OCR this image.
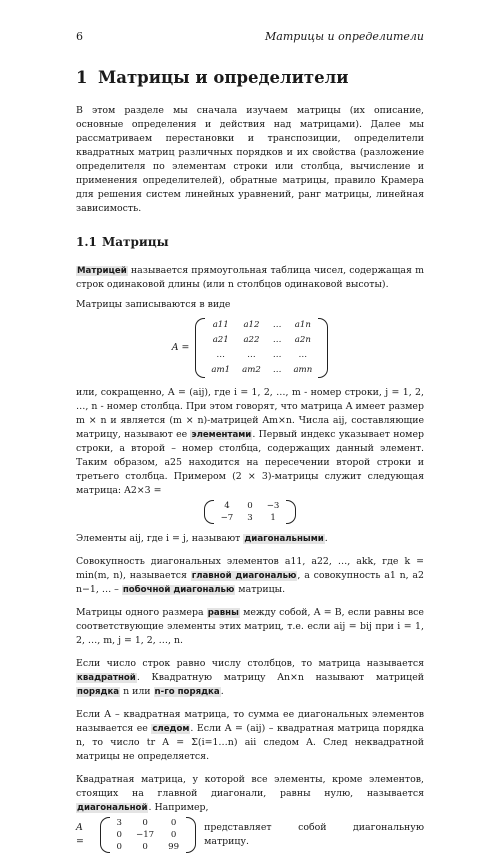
6	Матрицы и определители
1 Матрицы и определители

В этом разделе мы сначала изучаем матрицы (их описание, основные определения и действия над матрицами). Далее мы рассматриваем перестановки и транспозиции, определители квадратных матриц различных порядков и их свойства (разложение определителя по элементам строки или столбца, вычисление и применения определителей), обратные матрицы, правило Крамера для решения систем линейных уравнений, ранг матрицы, линейная зависимость.

1.1 Матрицы

Матрицей называется прямоугольная таблица чисел, содержащая m строк одинаковой длины (или n столбцов одинаковой высоты).

Матрицы записываются в виде

A =
a11	a12	…	a1n
a21	a22	…	a2n
…	…	…	…
am1	am2	…	amn

или, сокращенно, A = (aij), где i = 1, 2, …, m - номер строки, j = 1, 2, …, n - номер столбца. При этом говорят, что матрица A имеет размер m × n и является (m × n)-матрицей Am×n. Числа aij, составляющие матрицу, называют ее элементами. Первый индекс указывает номер строки, а второй – номер столбца, содержащих данный элемент. Таким образом, a25 находится на пересечении второй строки и третьего столбца. Примером (2 × 3)-матрицы служит следующая матрица: A2×3 =

4	0	−3
−7	3	1

Элементы aij, где i = j, называют диагональными.

Совокупность диагональных элементов a11, a22, …, akk, где k = min(m, n), называется главной диагональю, а совокупность a1 n, a2 n−1, … – побочной диагональю матрицы.

Матрицы одного размера равны между собой, A = B, если равны все соответствующие элементы этих матриц, т.е. если aij = bij при i = 1, 2, …, m, j = 1, 2, …, n.

Если число строк равно числу столбцов, то матрица называется квадратной. Квадратную матрицу An×n называют матрицей порядка n или n-го порядка.

Если A – квадратная матрица, то сумма ее диагональных элементов называется ее следом. Если A = (aij) – квадратная матрица порядка n, то число tr A = Σ(i=1…n) aii следом A. След неквадратной матрицы не определяется.

Квадратная матрица, у которой все элементы, кроме элементов, стоящих на главной диагонали, равны нулю, называется диагональной. Например,

A =
3	0	0
0	−17	0
0	0	99
представляет собой диагональную матрицу.
